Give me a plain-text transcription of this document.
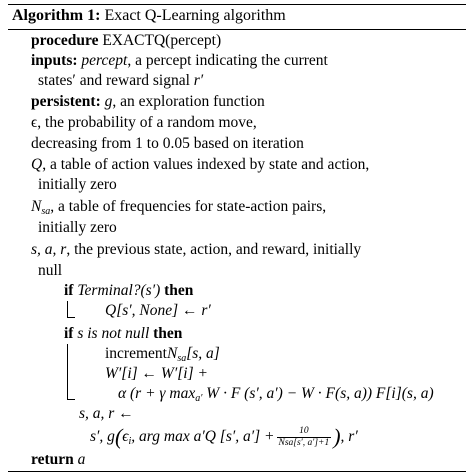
Algorithm 1: Exact Q-Learning algorithm
procedure EXACTQ(percept)
inputs: percept, a percept indicating the current
states′ and reward signal r′
persistent: g, an exploration function
ϵ, the probability of a random move,
decreasing from 1 to 0.05 based on iteration
Q, a table of action values indexed by state and action,
initially zero
$N_{sa}$, a table of frequencies for state-action pairs,
initially zero
s, a, r, the previous state, action, and reward, initially
null
if Terminal?(s′) then
Q[s′, None] ← r′
if s is not null then
incrementN$_{sa}$[s, a]
W′[i] ← W′[i] +
α (r + γ $\max_{a'} W \cdot F$ (s′, a′) − W · F(s, a)) F[i](s, a)
s, a, r ←
s′, $g(\epsilon_i$, arg max a′Q [s′, $a'] + \frac{10}{\text{Nsa[s′, a′]+1}}$ ), r′
return a
